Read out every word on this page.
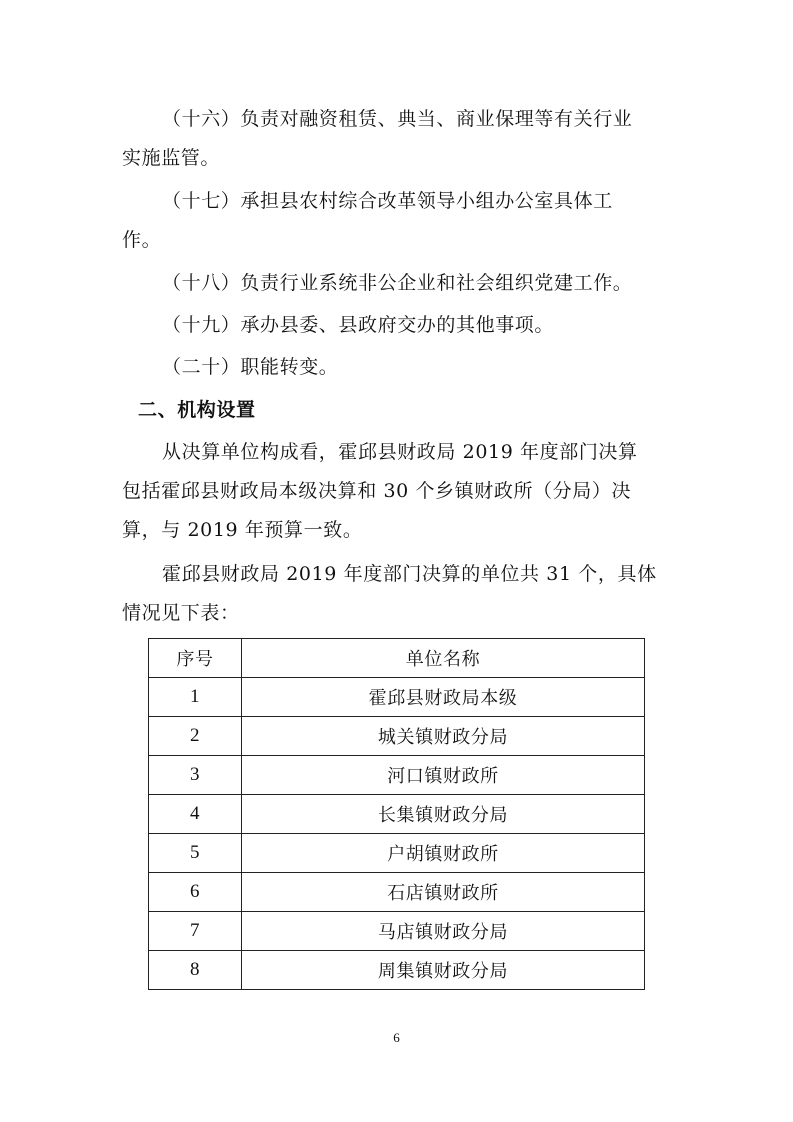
（十六）负责对融资租赁、典当、商业保理等有关行业
实施监管。

（十七）承担县农村综合改革领导小组办公室具体工
作。

（十八）负责行业系统非公企业和社会组织党建工作。

（十九）承办县委、县政府交办的其他事项。

（二十）职能转变。

二、机构设置

从决算单位构成看，霍邱县财政局 2019 年度部门决算
包括霍邱县财政局本级决算和 30 个乡镇财政所（分局）决
算，与 2019 年预算一致。

霍邱县财政局 2019 年度部门决算的单位共 31 个，具体
情况见下表：

序号	单位名称
1	霍邱县财政局本级
2	城关镇财政分局
3	河口镇财政所
4	长集镇财政分局
5	户胡镇财政所
6	石店镇财政所
7	马店镇财政分局
8	周集镇财政分局
6
